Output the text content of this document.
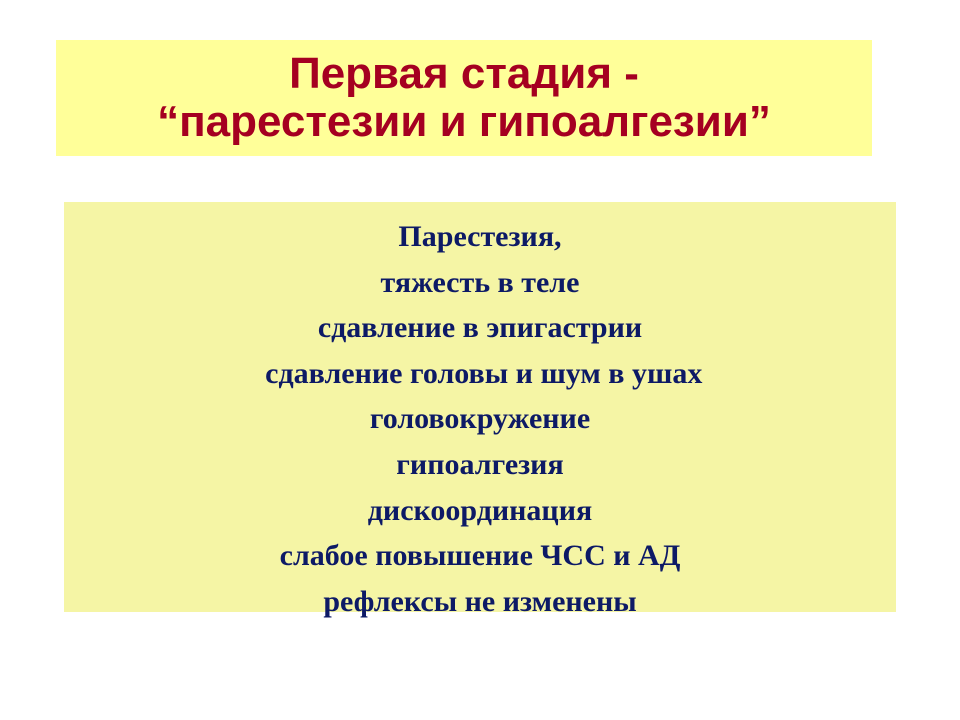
Первая стадия -
“парестезии и гипоалгезии”
Парестезия,
тяжесть в теле
сдавление в эпигастрии
сдавление головы и шум в ушах
головокружение
гипоалгезия
дискоординация
слабое повышение ЧСС и АД
рефлексы не изменены
